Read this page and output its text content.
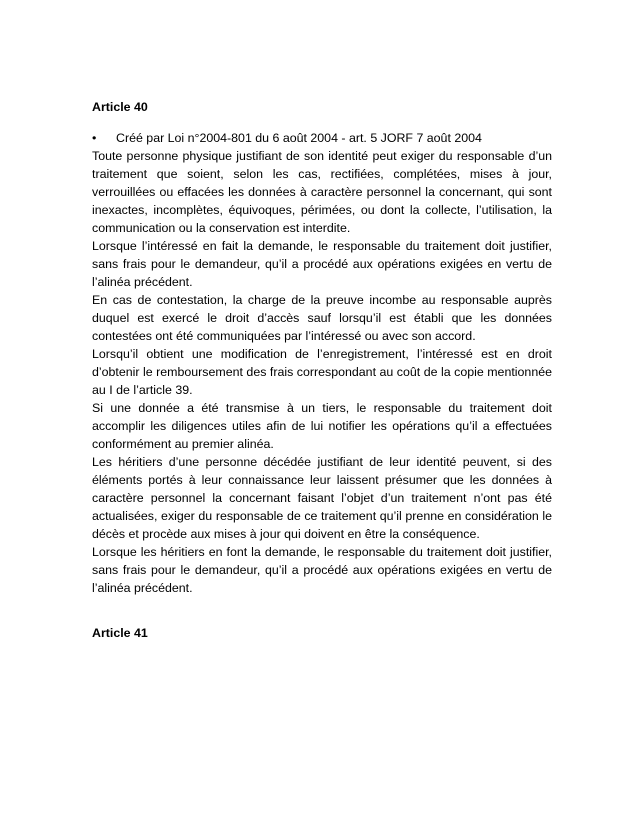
Article 40

•	Créé par Loi n°2004-801 du 6 août 2004 - art. 5 JORF 7 août 2004

Toute personne physique justifiant de son identité peut exiger du responsable d’un traitement que soient, selon les cas, rectifiées, complétées, mises à jour, verrouillées ou effacées les données à caractère personnel la concernant, qui sont inexactes, incomplètes, équivoques, périmées, ou dont la collecte, l’utilisation, la communication ou la conservation est interdite.

Lorsque l’intéressé en fait la demande, le responsable du traitement doit justifier, sans frais pour le demandeur, qu’il a procédé aux opérations exigées en vertu de l’alinéa précédent.

En cas de contestation, la charge de la preuve incombe au responsable auprès duquel est exercé le droit d’accès sauf lorsqu’il est établi que les données contestées ont été communiquées par l’intéressé ou avec son accord.

Lorsqu’il obtient une modification de l’enregistrement, l’intéressé est en droit d’obtenir le remboursement des frais correspondant au coût de la copie mentionnée au I de l’article 39.

Si une donnée a été transmise à un tiers, le responsable du traitement doit accomplir les diligences utiles afin de lui notifier les opérations qu’il a effectuées conformément au premier alinéa.

Les héritiers d’une personne décédée justifiant de leur identité peuvent, si des éléments portés à leur connaissance leur laissent présumer que les données à caractère personnel la concernant faisant l’objet d’un traitement n’ont pas été actualisées, exiger du responsable de ce traitement qu’il prenne en considération le décès et procède aux mises à jour qui doivent en être la conséquence.

Lorsque les héritiers en font la demande, le responsable du traitement doit justifier, sans frais pour le demandeur, qu’il a procédé aux opérations exigées en vertu de l’alinéa précédent.

Article 41
